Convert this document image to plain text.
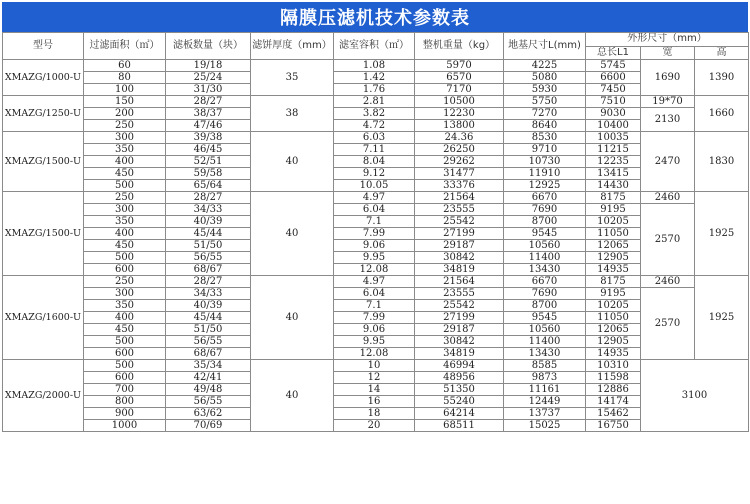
隔膜压滤机技术参数表
型号	过滤面积（㎡）	滤板数量（块）	滤饼厚度（mm）	滤室容积（㎡）	整机重量（kg）	地基尺寸L(mm)	外形尺寸（mm）		
							总长L1	宽	高
XMAZG/1000-U	60	19/18	35	1.08	5970	4225	5745	1690	1390
	80	25/24		1.42	6570	5080	6600		
	100	31/30		1.76	7170	5930	7450		
XMAZG/1250-U	150	28/27	38	2.81	10500	5750	7510	19*70	1660
	200	38/37		3.82	12230	7270	9030	2130	
	250	47/46		4.72	13800	8640	10400		
XMAZG/1500-U	300	39/38	40	6.03	24.36	8530	10035	2470	1830
	350	46/45		7.11	26250	9710	11215		
	400	52/51		8.04	29262	10730	12235		
	450	59/58		9.12	31477	11910	13415		
	500	65/64		10.05	33376	12925	14430		
XMAZG/1500-U	250	28/27	40	4.97	21564	6670	8175	2460	1925
	300	34/33		6.04	23555	7690	9195	2570	
	350	40/39		7.1	25542	8700	10205		
	400	45/44		7.99	27199	9545	11050		
	450	51/50		9.06	29187	10560	12065		
	500	56/55		9.95	30842	11400	12905		
	600	68/67		12.08	34819	13430	14935		
XMAZG/1600-U	250	28/27	40	4.97	21564	6670	8175	2460	1925
	300	34/33		6.04	23555	7690	9195	2570	
	350	40/39		7.1	25542	8700	10205		
	400	45/44		7.99	27199	9545	11050		
	450	51/50		9.06	29187	10560	12065		
	500	56/55		9.95	30842	11400	12905		
	600	68/67		12.08	34819	13430	14935		
XMAZG/2000-U	500	35/34	40	10	46994	8585	10310	3100	
	600	42/41		12	48956	9873	11598		
	700	49/48		14	51350	11161	12886		
	800	56/55		16	55240	12449	14174		
	900	63/62		18	64214	13737	15462		
	1000	70/69		20	68511	15025	16750		
